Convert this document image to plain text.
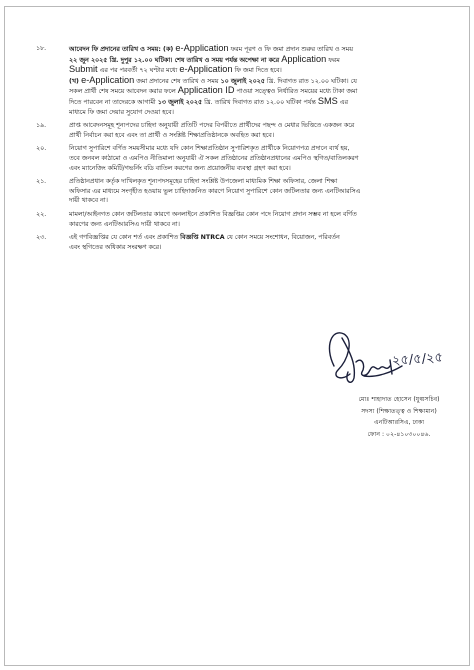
১৮.	আবেদন ফি প্রদানের তারিখ ও সময়: (ক) e-Application ফরম পূরণ ও ফি জমা প্রদান শুরুর তারিখ ও সময়
২২ জুন ২০২৫ খ্রি. দুপুর ১২.০০ ঘটিকা। শেষ তারিখ ও সময় পর্যন্ত অপেক্ষা না করে Application ফরম
Submit এর পর পরবর্তী ৭২ ঘণ্টার মধ্যে e-Application ফি জমা দিতে হবে।
(খ) e-Application জমা প্রদানের শেষ তারিখ ও সময় ১০ জুলাই ২০২৫ খ্রি. দিবাগত রাত ১২.০০ ঘটিকা। যে
সকল প্রার্থী শেষ সময়ে আবেদন করার ফলে Application ID পাওয়া সত্ত্বেও নির্ধারিত সময়ের মধ্যে টাকা জমা
দিতে পারবেন না তাদেরকে আগামী ১৩ জুলাই ২০২৫ খ্রি. তারিখ দিবাগত রাত ১২.০০ ঘটিকা পর্যন্ত SMS এর
মাধ্যমে ফি জমা দেয়ার সুযোগ দেওয়া হবে।
১৯.	প্রাপ্ত আবেদনসমূহ শূন্যপদের চাহিদা অনুযায়ী প্রতিটি পদের বিপরীতে প্রার্থীদের পছন্দ ও মেধার ভিত্তিতে একজন করে
প্রার্থী নির্বাচন করা হবে এবং তা প্রার্থী ও সংশ্লিষ্ট শিক্ষাপ্রতিষ্ঠানকে অবহিত করা হবে।
২০.	নিয়োগ সুপারিশে বর্ণিত সময়সীমার মধ্যে যদি কোন শিক্ষাপ্রতিষ্ঠান সুপারিশকৃত প্রার্থীকে নিয়োগপত্র প্রদানে ব্যর্থ হয়,
তবে জনবল কাঠামো ও এমপিও নীতিমালা অনুযায়ী ঐ সকল প্রতিষ্ঠানের প্রতিষ্ঠানপ্রধানের এমপিও স্থগিত/বাতিলকরণ
এবং ম্যানেজিং কমিটি/গভর্নিং বডি বাতিল করণের জন্য প্রয়োজনীয় ব্যবস্থা গ্রহণ করা হবে।
২১.	প্রতিষ্ঠানপ্রধান কর্তৃক দাখিলকৃত শূন্যপদসমূহের চাহিদা সংশ্লিষ্ট উপজেলা মাধ্যমিক শিক্ষা অফিসার, জেলা শিক্ষা
অফিসার এর মাধ্যমে সংগৃহীত হওয়ায় ভুল চাহিদাজনিত কারণে নিয়োগ সুপারিশে কোন জটিলতার জন্য এনটিআরসিএ
দায়ী থাকবে না।
২২.	মামলা/আইনগত কোন জটিলতার কারণে অনলাইনে প্রকাশিত বিজ্ঞপ্তির কোন পদে নিয়োগ প্রদান সম্ভব না হলে বর্ণিত
কারণের জন্য এনটিআরসিএ দায়ী থাকবে না।
২৩.	এই গণবিজ্ঞপ্তির যে কোন শর্ত এবং প্রকাশিত বিজ্ঞপ্তি NTRCA যে কোন সময়ে সংশোধন, বিয়োজন, পরিবর্তন
এবং স্থগিতের অধিকার সংরক্ষণ করে।
২৫/৫/২৫
মোঃ শাহাদাত হোসেন (যুগ্মসচিব)
সদস্য (শিক্ষাতত্ত্ব ও শিক্ষামান)
এনটিআরসিএ, ঢাকা
ফোন : ০২-৪১০৩০০৪৬.
